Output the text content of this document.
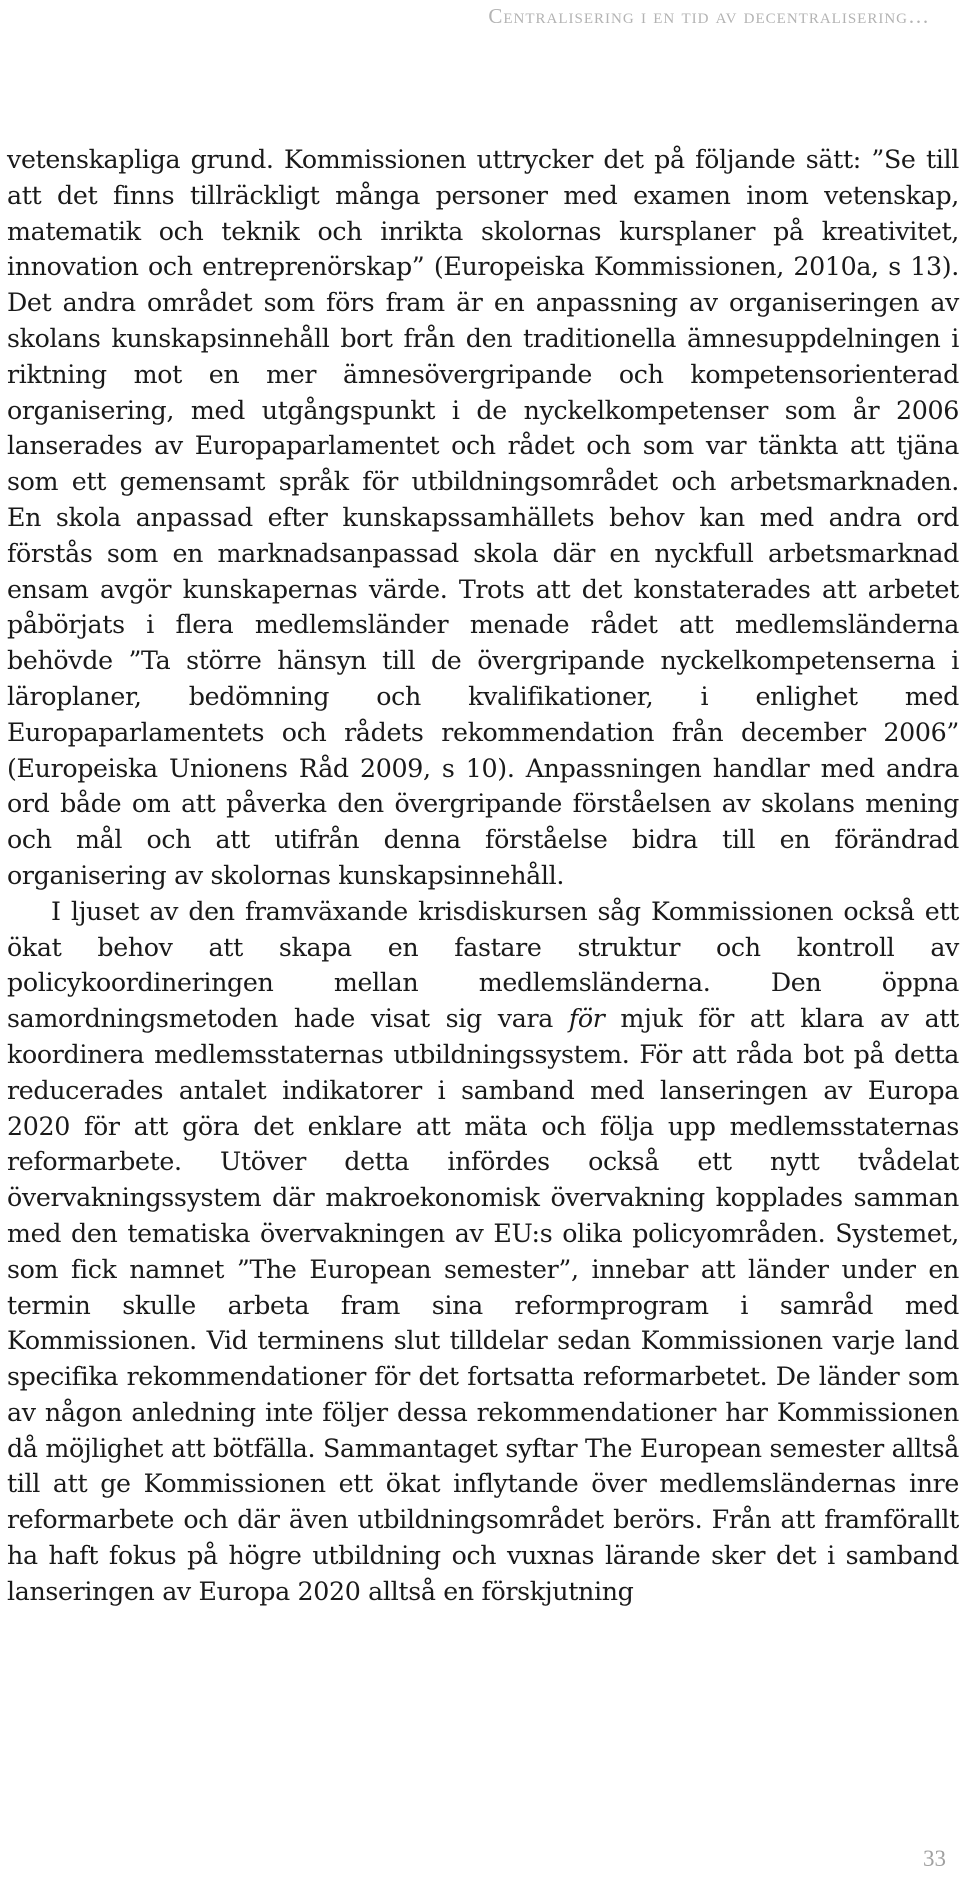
Centralisering i en tid av decentralisering…

vetenskapliga grund. Kommissionen uttrycker det på följande sätt: ”Se till att det finns tillräckligt många personer med examen inom vetenskap, matematik och teknik och inrikta skolornas kursplaner på kreativitet, innovation och entreprenörskap” (Europeiska Kommissionen, 2010a, s 13). Det andra området som förs fram är en anpassning av organiseringen av skolans kunskapsinnehåll bort från den traditionella ämnesuppdelningen i riktning mot en mer ämnesövergripande och kompetensorienterad organisering, med utgångspunkt i de nyckelkompetenser som år 2006 lanserades av Europaparlamentet och rådet och som var tänkta att tjäna som ett gemensamt språk för utbildningsområdet och arbetsmarknaden. En skola anpassad efter kunskapssamhällets behov kan med andra ord förstås som en marknadsanpassad skola där en nyckfull arbetsmarknad ensam avgör kunskapernas värde. Trots att det konstaterades att arbetet påbörjats i flera medlemsländer menade rådet att medlemsländerna behövde ”Ta större hänsyn till de övergripande nyckelkompetenserna i läroplaner, bedömning och kvalifikationer, i enlighet med Europaparlamentets och rådets rekommendation från december 2006” (Europeiska Unionens Råd 2009, s 10). Anpassningen handlar med andra ord både om att påverka den övergripande förståelsen av skolans mening och mål och att utifrån denna förståelse bidra till en förändrad organisering av skolornas kunskapsinnehåll.

I ljuset av den framväxande krisdiskursen såg Kommissionen också ett ökat behov att skapa en fastare struktur och kontroll av policykoordineringen mellan medlemsländerna. Den öppna samordningsmetoden hade visat sig vara för mjuk för att klara av att koordinera medlemsstaternas utbildningssystem. För att råda bot på detta reducerades antalet indikatorer i samband med lanseringen av Europa 2020 för att göra det enklare att mäta och följa upp medlemsstaternas reformarbete. Utöver detta infördes också ett nytt tvådelat övervakningssystem där makroekonomisk övervakning kopplades samman med den tematiska övervakningen av EU:s olika policyområden. Systemet, som fick namnet ”The European semester”, innebar att länder under en termin skulle arbeta fram sina reformprogram i samråd med Kommissionen. Vid terminens slut tilldelar sedan Kommissionen varje land specifika rekommendationer för det fortsatta reformarbetet. De länder som av någon anledning inte följer dessa rekommendationer har Kommissionen då möjlighet att bötfälla. Sammantaget syftar The European semester alltså till att ge Kommissionen ett ökat inflytande över medlemsländernas inre reformarbete och där även utbildningsområdet berörs. Från att framförallt ha haft fokus på högre utbildning och vuxnas lärande sker det i samband lanseringen av Europa 2020 alltså en förskjutning

33
